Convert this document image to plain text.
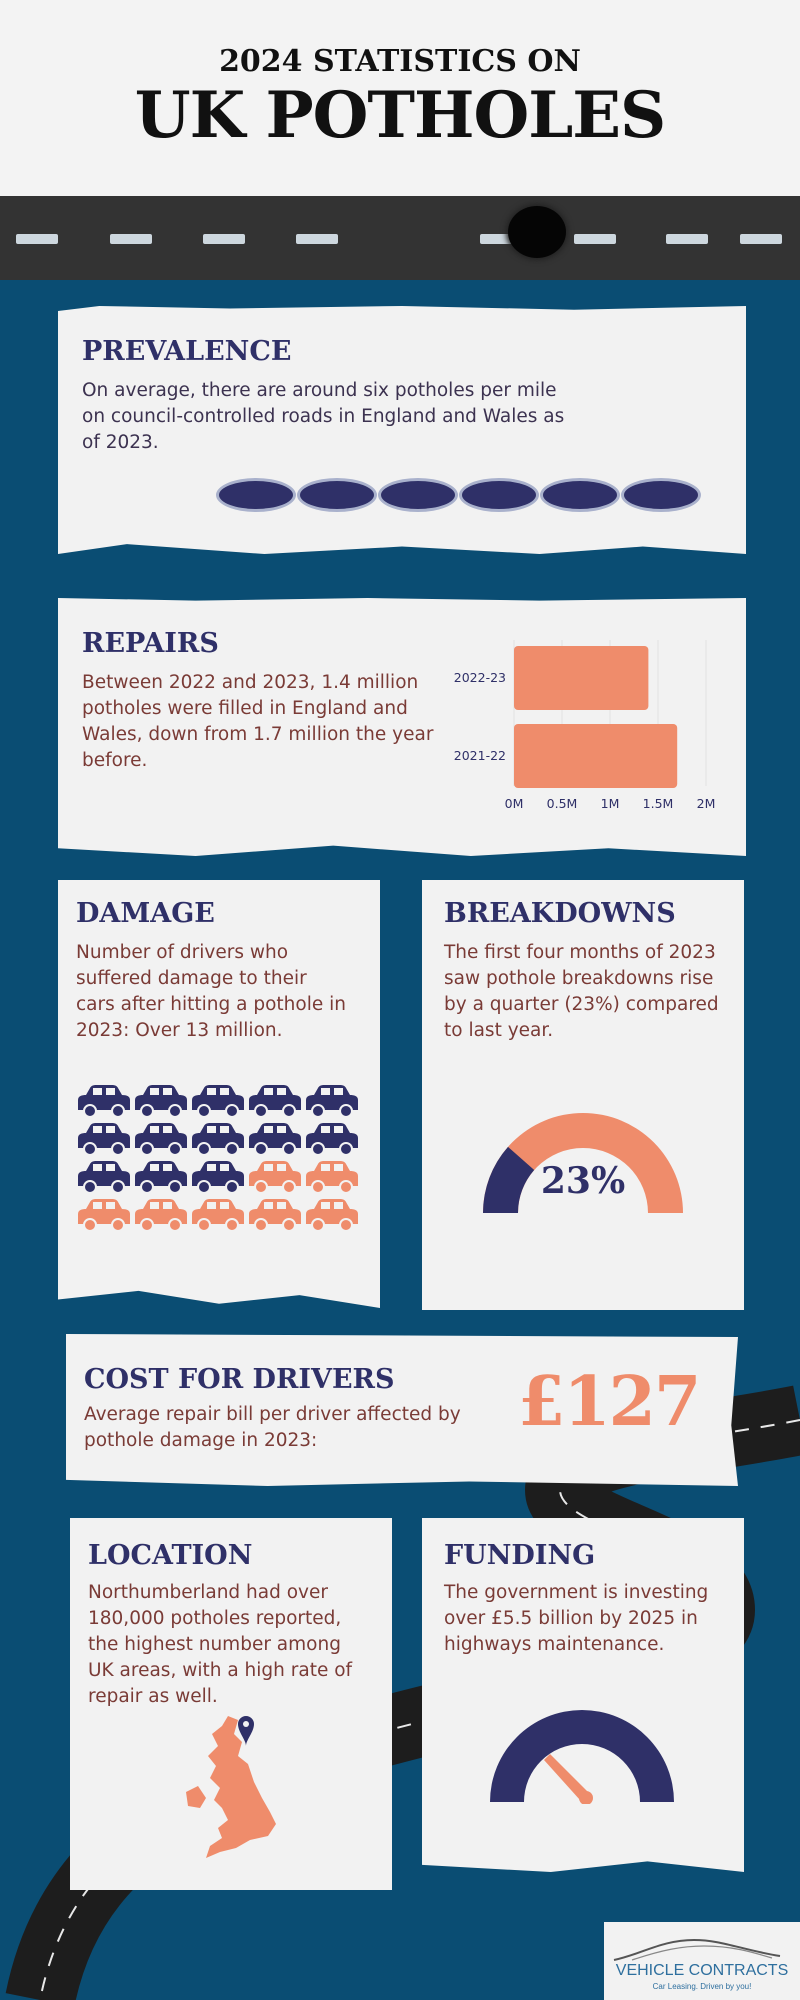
2024 STATISTICS ON
UK POTHOLES
PREVALENCE
On average, there are around six potholes per mile
on council-controlled roads in England and Wales as
of 2023.
REPAIRS
Between 2022 and 2023, 1.4 million
potholes were filled in England and
Wales, down from 1.7 million the year
before.
0M 0.5M 1M 1.5M 2M
2022-23
2021-22
DAMAGE
Number of drivers who
suffered damage to their
cars after hitting a pothole in
2023: Over 13 million.
BREAKDOWNS
The first four months of 2023
saw pothole breakdowns rise
by a quarter (23%) compared
to last year.
23%
COST FOR DRIVERS
Average repair bill per driver affected by
pothole damage in 2023:	£127
LOCATION
Northumberland had over
180,000 potholes reported,
the highest number among
UK areas, with a high rate of
repair as well.
FUNDING
The government is investing
over £5.5 billion by 2025 in
highways maintenance.
VEHICLE CONTRACTS
Car Leasing. Driven by you!
